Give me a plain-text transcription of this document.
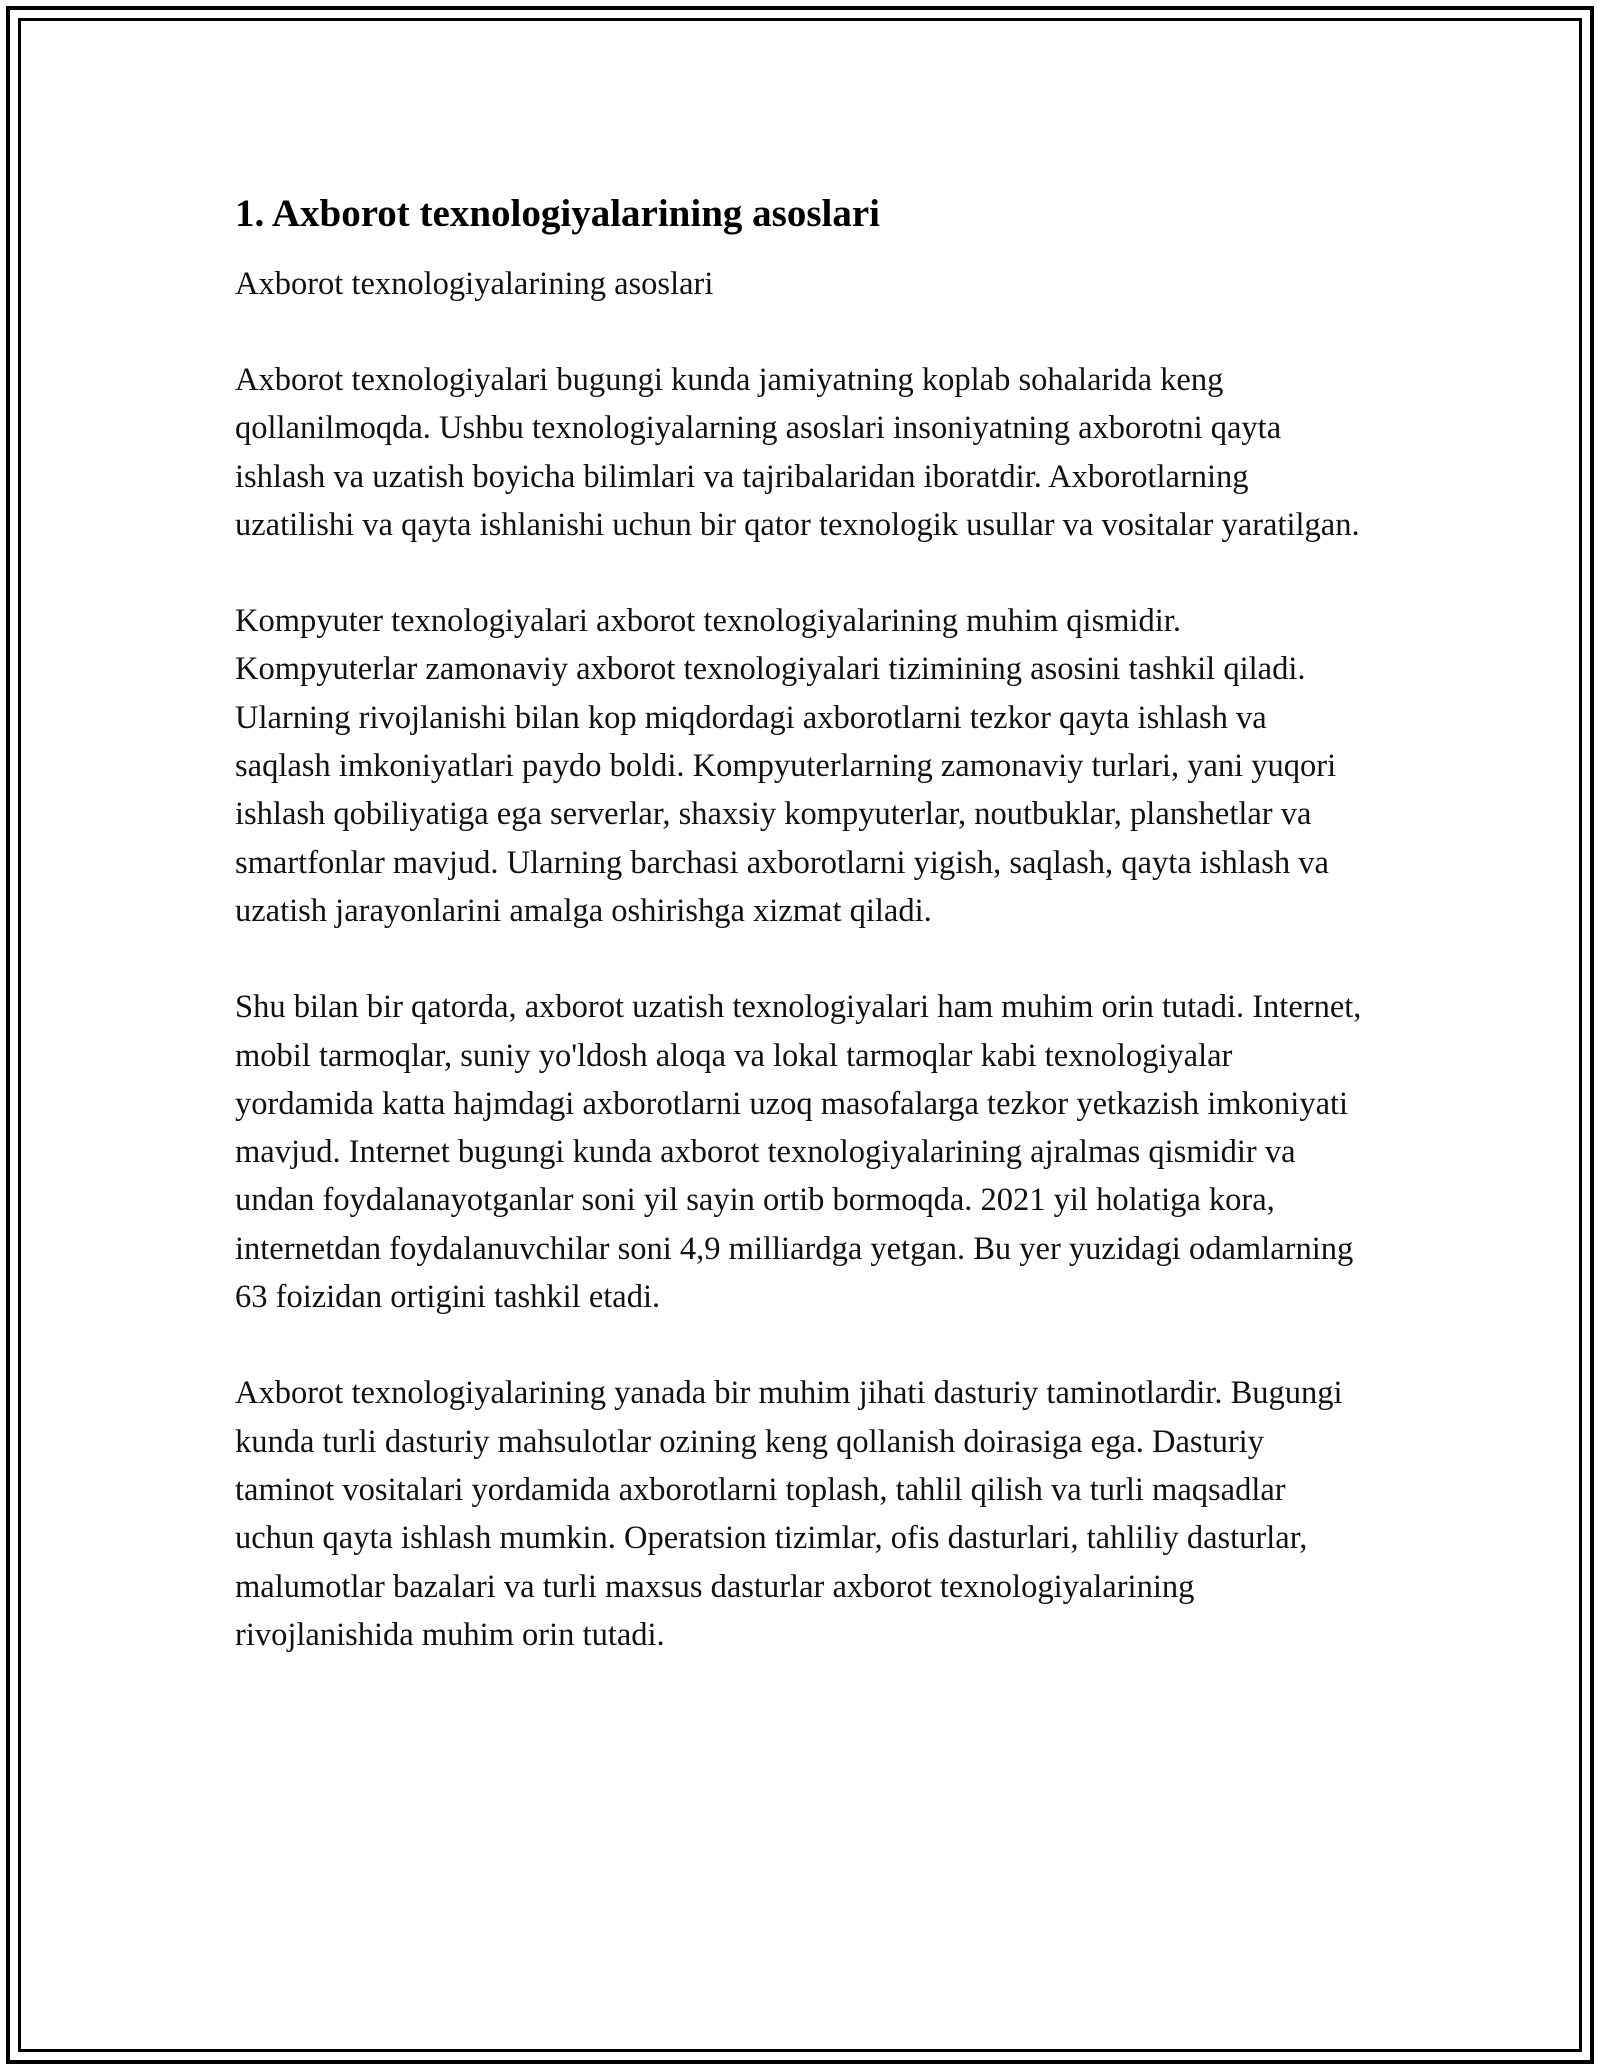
1. Axborot texnologiyalarining asoslari

Axborot texnologiyalarining asoslari

Axborot texnologiyalari bugungi kunda jamiyatning koplab sohalarida keng qollanilmoqda. Ushbu texnologiyalarning asoslari insoniyatning axborotni qayta ishlash va uzatish boyicha bilimlari va tajribalaridan iboratdir. Axborotlarning uzatilishi va qayta ishlanishi uchun bir qator texnologik usullar va vositalar yaratilgan.

Kompyuter texnologiyalari axborot texnologiyalarining muhim qismidir. Kompyuterlar zamonaviy axborot texnologiyalari tizimining asosini tashkil qiladi. Ularning rivojlanishi bilan kop miqdordagi axborotlarni tezkor qayta ishlash va saqlash imkoniyatlari paydo boldi. Kompyuterlarning zamonaviy turlari, yani yuqori ishlash qobiliyatiga ega serverlar, shaxsiy kompyuterlar, noutbuklar, planshetlar va smartfonlar mavjud. Ularning barchasi axborotlarni yigish, saqlash, qayta ishlash va uzatish jarayonlarini amalga oshirishga xizmat qiladi.

Shu bilan bir qatorda, axborot uzatish texnologiyalari ham muhim orin tutadi. Internet, mobil tarmoqlar, suniy yo'ldosh aloqa va lokal tarmoqlar kabi texnologiyalar yordamida katta hajmdagi axborotlarni uzoq masofalarga tezkor yetkazish imkoniyati mavjud. Internet bugungi kunda axborot texnologiyalarining ajralmas qismidir va undan foydalanayotganlar soni yil sayin ortib bormoqda. 2021 yil holatiga kora, internetdan foydalanuvchilar soni 4,9 milliardga yetgan. Bu yer yuzidagi odamlarning 63 foizidan ortigini tashkil etadi.

Axborot texnologiyalarining yanada bir muhim jihati dasturiy taminotlardir. Bugungi kunda turli dasturiy mahsulotlar ozining keng qollanish doirasiga ega. Dasturiy taminot vositalari yordamida axborotlarni toplash, tahlil qilish va turli maqsadlar uchun qayta ishlash mumkin. Operatsion tizimlar, ofis dasturlari, tahliliy dasturlar, malumotlar bazalari va turli maxsus dasturlar axborot texnologiyalarining rivojlanishida muhim orin tutadi.
